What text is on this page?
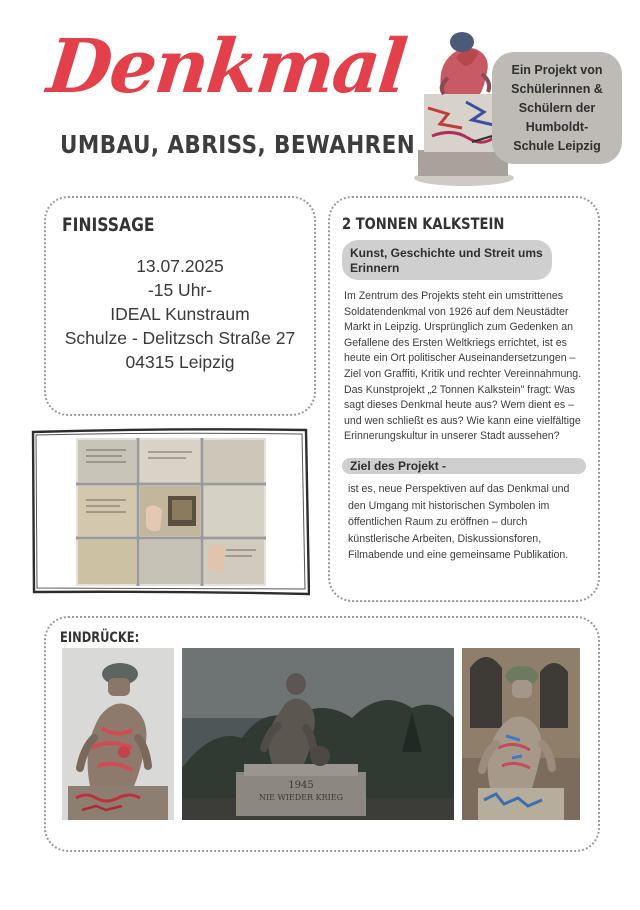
Denkmal
UMBAU, ABRISS, BEWAHREN
Ein Projekt von
Schülerinnen &
Schülern der
Humboldt-
Schule Leipzig
FINISSAGE
13.07.2025
-15 Uhr-
IDEAL Kunstraum
Schulze - Delitzsch Straße 27
04315 Leipzig
2 TONNEN KALKSTEIN
Kunst, Geschichte und Streit ums Erinnern
Im Zentrum des Projekts steht ein umstrittenes Soldatendenkmal von 1926 auf dem Neustädter Markt in Leipzig. Ursprünglich zum Gedenken an Gefallene des Ersten Weltkriegs errichtet, ist es heute ein Ort politischer Auseinandersetzungen – Ziel von Graffiti, Kritik und rechter Vereinnahmung. Das Kunstprojekt „2 Tonnen Kalkstein" fragt: Was sagt dieses Denkmal heute aus? Wem dient es – und wen schließt es aus? Wie kann eine vielfältige Erinnerungskultur in unserer Stadt aussehen?
Ziel des Projekt -
ist es, neue Perspektiven auf das Denkmal und den Umgang mit historischen Symbolen im öffentlichen Raum zu eröffnen – durch künstlerische Arbeiten, Diskussionsforen, Filmabende und eine gemeinsame Publikation.
EINDRÜCKE:
1945
NIE WIEDER KRIEG
